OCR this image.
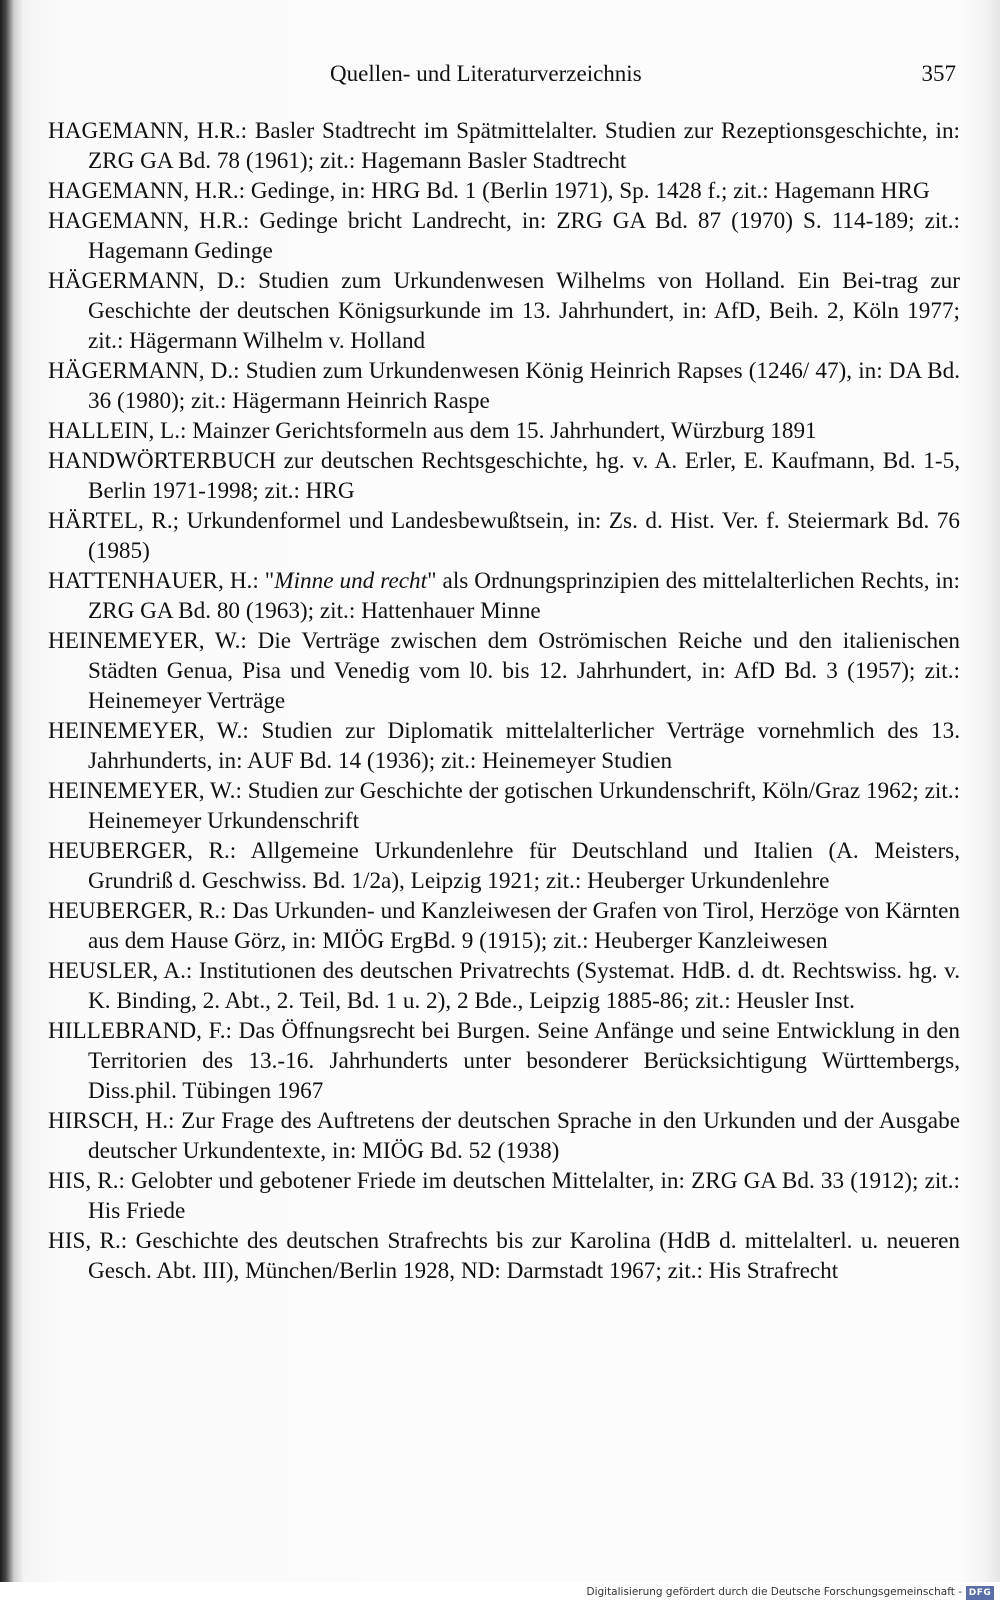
Quellen- und Literaturverzeichnis	357
HAGEMANN, H.R.: Basler Stadtrecht im Spätmittelalter. Studien zur Rezeptionsgeschichte, in: ZRG GA Bd. 78 (1961); zit.: Hagemann Basler Stadtrecht
HAGEMANN, H.R.: Gedinge, in: HRG Bd. 1 (Berlin 1971), Sp. 1428 f.; zit.: Hagemann HRG
HAGEMANN, H.R.: Gedinge bricht Landrecht, in: ZRG GA Bd. 87 (1970) S. 114-189; zit.: Hagemann Gedinge
HÄGERMANN, D.: Studien zum Urkundenwesen Wilhelms von Holland. Ein Bei-trag zur Geschichte der deutschen Königsurkunde im 13. Jahrhundert, in: AfD, Beih. 2, Köln 1977; zit.: Hägermann Wilhelm v. Holland
HÄGERMANN, D.: Studien zum Urkundenwesen König Heinrich Rapses (1246/ 47), in: DA Bd. 36 (1980); zit.: Hägermann Heinrich Raspe
HALLEIN, L.: Mainzer Gerichtsformeln aus dem 15. Jahrhundert, Würzburg 1891
HANDWÖRTERBUCH zur deutschen Rechtsgeschichte, hg. v. A. Erler, E. Kaufmann, Bd. 1-5, Berlin 1971-1998; zit.: HRG
HÄRTEL, R.; Urkundenformel und Landesbewußtsein, in: Zs. d. Hist. Ver. f. Steiermark Bd. 76 (1985)
HATTENHAUER, H.: "Minne und recht" als Ordnungsprinzipien des mittelalterlichen Rechts, in: ZRG GA Bd. 80 (1963); zit.: Hattenhauer Minne
HEINEMEYER, W.: Die Verträge zwischen dem Oströmischen Reiche und den italienischen Städten Genua, Pisa und Venedig vom l0. bis 12. Jahrhundert, in: AfD Bd. 3 (1957); zit.: Heinemeyer Verträge
HEINEMEYER, W.: Studien zur Diplomatik mittelalterlicher Verträge vornehmlich des 13. Jahrhunderts, in: AUF Bd. 14 (1936); zit.: Heinemeyer Studien
HEINEMEYER, W.: Studien zur Geschichte der gotischen Urkundenschrift, Köln/Graz 1962; zit.: Heinemeyer Urkundenschrift
HEUBERGER, R.: Allgemeine Urkundenlehre für Deutschland und Italien (A. Meisters, Grundriß d. Geschwiss. Bd. 1/2a), Leipzig 1921; zit.: Heuberger Urkundenlehre
HEUBERGER, R.: Das Urkunden- und Kanzleiwesen der Grafen von Tirol, Herzöge von Kärnten aus dem Hause Görz, in: MIÖG ErgBd. 9 (1915); zit.: Heuberger Kanzleiwesen
HEUSLER, A.: Institutionen des deutschen Privatrechts (Systemat. HdB. d. dt. Rechtswiss. hg. v. K. Binding, 2. Abt., 2. Teil, Bd. 1 u. 2), 2 Bde., Leipzig 1885-86; zit.: Heusler Inst.
HILLEBRAND, F.: Das Öffnungsrecht bei Burgen. Seine Anfänge und seine Entwicklung in den Territorien des 13.-16. Jahrhunderts unter besonderer Berücksichtigung Württembergs, Diss.phil. Tübingen 1967
HIRSCH, H.: Zur Frage des Auftretens der deutschen Sprache in den Urkunden und der Ausgabe deutscher Urkundentexte, in: MIÖG Bd. 52 (1938)
HIS, R.: Gelobter und gebotener Friede im deutschen Mittelalter, in: ZRG GA Bd. 33 (1912); zit.: His Friede
HIS, R.: Geschichte des deutschen Strafrechts bis zur Karolina (HdB d. mittelalterl. u. neueren Gesch. Abt. III), München/Berlin 1928, ND: Darmstadt 1967; zit.: His Strafrecht
Digitalisierung gefördert durch die Deutsche Forschungsgemeinschaft - DFG
